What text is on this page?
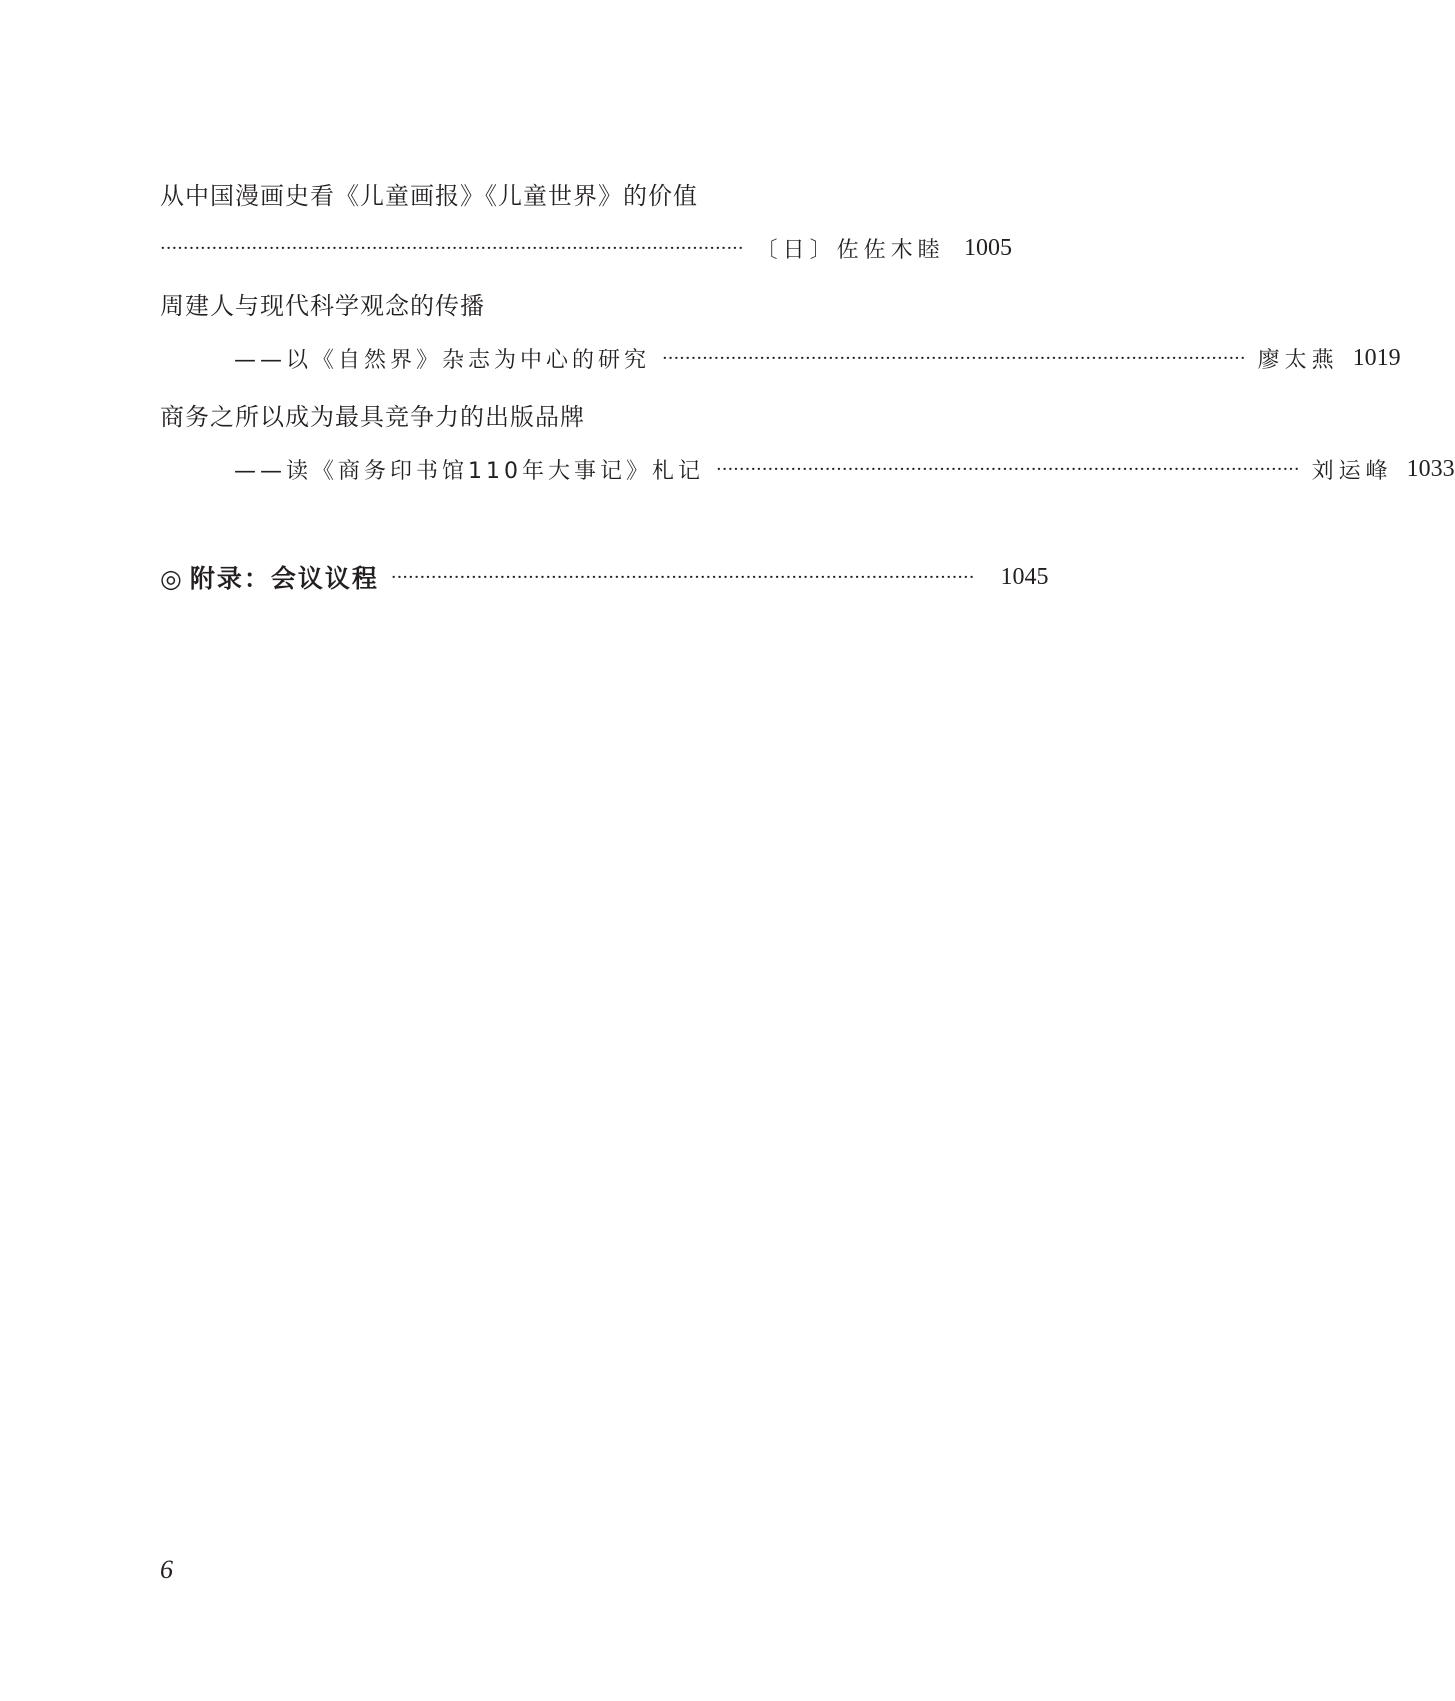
从中国漫画史看《儿童画报》《儿童世界》的价值
······································································································ 〔日〕佐佐木睦 1005
周建人与现代科学观念的传播
——以《自然界》杂志为中心的研究 ······································································································ 廖太燕 1019
商务之所以成为最具竞争力的出版品牌
——读《商务印书馆110年大事记》札记 ······································································································ 刘运峰 1033
◎ 附录：会议议程 ······································································································ 1045
6
